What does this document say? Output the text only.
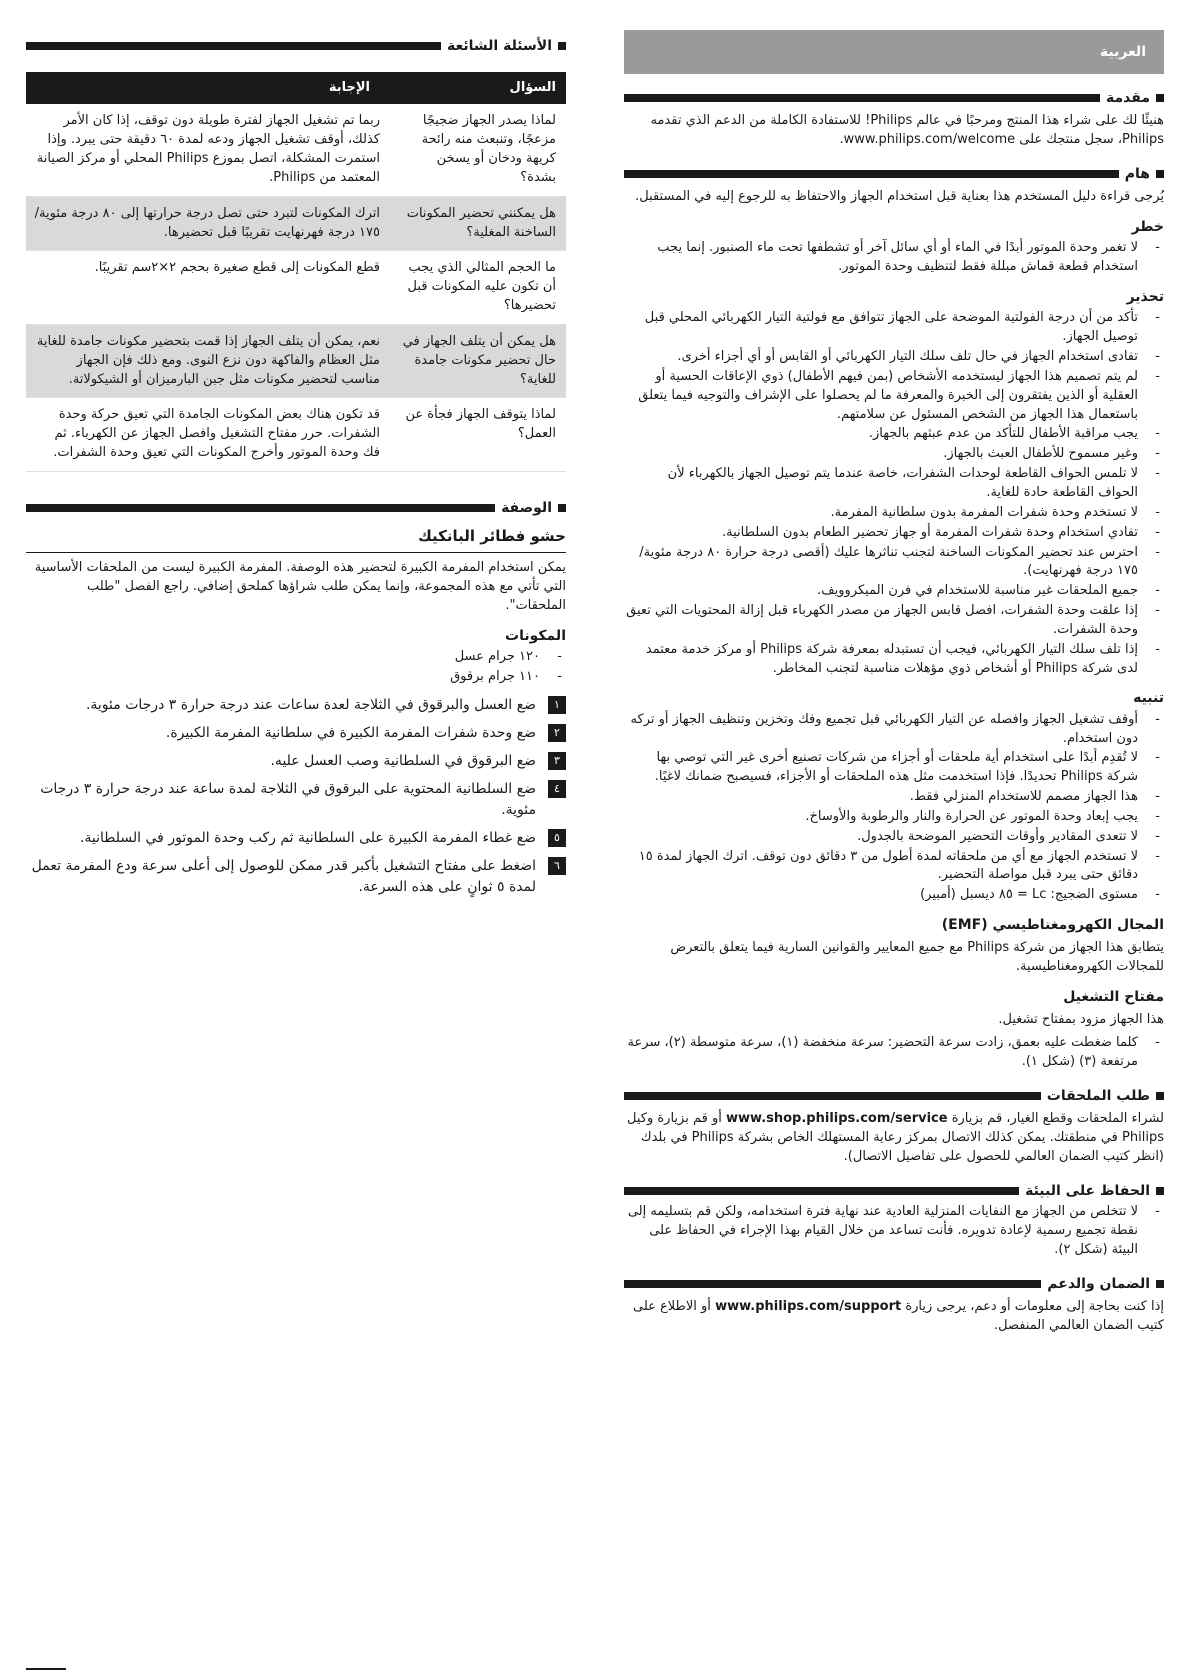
العربية
مقدمة

هنيئًا لك على شراء هذا المنتج ومرحبًا في عالم Philips! للاستفادة الكاملة من الدعم الذي تقدمه Philips، سجل منتجك على www.philips.com/welcome.

هام

يُرجى قراءة دليل المستخدم هذا بعناية قبل استخدام الجهاز والاحتفاظ به للرجوع إليه في المستقبل.

خطر
- لا تغمر وحدة الموتور أبدًا في الماء أو أي سائل آخر أو تشطفها تحت ماء الصنبور. إنما يجب استخدام قطعة قماش مبللة فقط لتنظيف وحدة الموتور.
تحذير
- تأكد من أن درجة الفولتية الموضحة على الجهاز تتوافق مع فولتية التيار الكهربائي المحلي قبل توصيل الجهاز.
- تفادى استخدام الجهاز في حال تلف سلك التيار الكهربائي أو القابس أو أي أجزاء أخرى.
- لم يتم تصميم هذا الجهاز ليستخدمه الأشخاص (بمن فيهم الأطفال) ذوي الإعاقات الحسية أو العقلية أو الذين يفتقرون إلى الخبرة والمعرفة ما لم يحصلوا على الإشراف والتوجيه فيما يتعلق باستعمال هذا الجهاز من الشخص المسئول عن سلامتهم.
- يجب مراقبة الأطفال للتأكد من عدم عبثهم بالجهاز.
- وغير مسموح للأطفال العبث بالجهاز.
- لا تلمس الحواف القاطعة لوحدات الشفرات، خاصة عندما يتم توصيل الجهاز بالكهرباء لأن الحواف القاطعة حادة للغاية.
- لا تستخدم وحدة شفرات المفرمة بدون سلطانية المفرمة.
- تفادي استخدام وحدة شفرات المفرمة أو جهاز تحضير الطعام بدون السلطانية.
- احترس عند تحضير المكونات الساخنة لتجنب تناثرها عليك (أقصى درجة حرارة ٨٠ درجة مئوية/١٧٥ درجة فهرنهايت).
- جميع الملحقات غير مناسبة للاستخدام في فرن الميكروويف.
- إذا علقت وحدة الشفرات، افصل قابس الجهاز من مصدر الكهرباء قبل إزالة المحتويات التي تعيق وحدة الشفرات.
- إذا تلف سلك التيار الكهربائي، فيجب أن تستبدله بمعرفة شركة Philips أو مركز خدمة معتمد لدى شركة Philips أو أشخاص ذوي مؤهلات مناسبة لتجنب المخاطر.
تنبيه
- أوقف تشغيل الجهاز وافصله عن التيار الكهربائي قبل تجميع وفك وتخزين وتنظيف الجهاز أو تركه دون استخدام.
- لا تُقدِم أبدًا على استخدام أية ملحقات أو أجزاء من شركات تصنيع أخرى غير التي توصي بها شركة Philips تحديدًا. فإذا استخدمت مثل هذه الملحقات أو الأجزاء، فسيصبح ضمانك لاغيًا.
- هذا الجهاز مصمم للاستخدام المنزلي فقط.
- يجب إبعاد وحدة الموتور عن الحرارة والنار والرطوبة والأوساخ.
- لا تتعدى المقادير وأوقات التحضير الموضحة بالجدول.
- لا تستخدم الجهاز مع أي من ملحقاته لمدة أطول من ٣ دقائق دون توقف. اترك الجهاز لمدة ١٥ دقائق حتى يبرد قبل مواصلة التحضير.
- مستوى الضجيج: Lc = ٨٥ ديسبل (أمبير)
المجال الكهرومغناطيسي (EMF)

يتطابق هذا الجهاز من شركة Philips مع جميع المعايير والقوانين السارية فيما يتعلق بالتعرض للمجالات الكهرومغناطيسية.

مفتاح التشغيل

هذا الجهاز مزود بمفتاح تشغيل.

- كلما ضغطت عليه بعمق، زادت سرعة التحضير: سرعة منخفضة (١)، سرعة متوسطة (٢)، سرعة مرتفعة (٣) (شكل ١).
طلب الملحقات

لشراء الملحقات وقطع الغيار، قم بزيارة www.shop.philips.com/service أو قم بزيارة وكيل Philips في منطقتك. يمكن كذلك الاتصال بمركز رعاية المستهلك الخاص بشركة Philips في بلدك (انظر كتيب الضمان العالمي للحصول على تفاصيل الاتصال).

الحفاظ على البيئة
- لا تتخلص من الجهاز مع النفايات المنزلية العادية عند نهاية فترة استخدامه، ولكن قم بتسليمه إلى نقطة تجميع رسمية لإعادة تدويره. فأنت تساعد من خلال القيام بهذا الإجراء في الحفاظ على البيئة (شكل ٢).
الضمان والدعم

إذا كنت بحاجة إلى معلومات أو دعم، يرجى زيارة www.philips.com/support أو الاطلاع على كتيب الضمان العالمي المنفصل.

الأسئلة الشائعة
السؤال
الإجابة
لماذا يصدر الجهاز ضجيجًا مزعجًا، وتنبعث منه رائحة كريهة ودخان أو يسخن بشدة؟
ربما تم تشغيل الجهاز لفترة طويلة دون توقف، إذا كان الأمر كذلك، أوقف تشغيل الجهاز ودعه لمدة ٦٠ دقيقة حتى يبرد. وإذا استمرت المشكلة، اتصل بموزع Philips المحلي أو مركز الصيانة المعتمد من Philips.
هل يمكنني تحضير المكونات الساخنة المغلية؟
اترك المكونات لتبرد حتى تصل درجة حرارتها إلى ٨٠ درجة مئوية/١٧٥ درجة فهرنهايت تقريبًا قبل تحضيرها.
ما الحجم المثالي الذي يجب أن تكون عليه المكونات قبل تحضيرها؟
قطع المكونات إلى قطع صغيرة بحجم ٢×٢سم تقريبًا.
هل يمكن أن يتلف الجهاز في حال تحضير مكونات جامدة للغاية؟
نعم، يمكن أن يتلف الجهاز إذا قمت بتحضير مكونات جامدة للغاية مثل العظام والفاكهة دون نزع النوى. ومع ذلك فإن الجهاز مناسب لتحضير مكونات مثل جبن البارميزان أو الشيكولاتة.
لماذا يتوقف الجهاز فجأة عن العمل؟
قد تكون هناك بعض المكونات الجامدة التي تعيق حركة وحدة الشفرات. حرر مفتاح التشغيل وافصل الجهاز عن الكهرباء. ثم فك وحدة الموتور وأخرج المكونات التي تعيق وحدة الشفرات.
الوصفة
حشو فطائر البانكيك

يمكن استخدام المفرمة الكبيرة لتحضير هذه الوصفة. المفرمة الكبيرة ليست من الملحقات الأساسية التي تأتي مع هذه المجموعة، وإنما يمكن طلب شراؤها كملحق إضافي. راجع الفصل "طلب الملحقات".

المكونات
- ١٢٠ جرام عسل
- ١١٠ جرام برقوق
١
ضع العسل والبرقوق في الثلاجة لعدة ساعات عند درجة حرارة ٣ درجات مئوية.
٢
ضع وحدة شفرات المفرمة الكبيرة في سلطانية المفرمة الكبيرة.
٣
ضع البرقوق في السلطانية وصب العسل عليه.
٤
ضع السلطانية المحتوية على البرقوق في الثلاجة لمدة ساعة عند درجة حرارة ٣ درجات مئوية.
٥
ضع غطاء المفرمة الكبيرة على السلطانية ثم ركب وحدة الموتور في السلطانية.
٦
اضغط على مفتاح التشغيل بأكبر قدر ممكن للوصول إلى أعلى سرعة ودع المفرمة تعمل لمدة ٥ ثوانٍ على هذه السرعة.
